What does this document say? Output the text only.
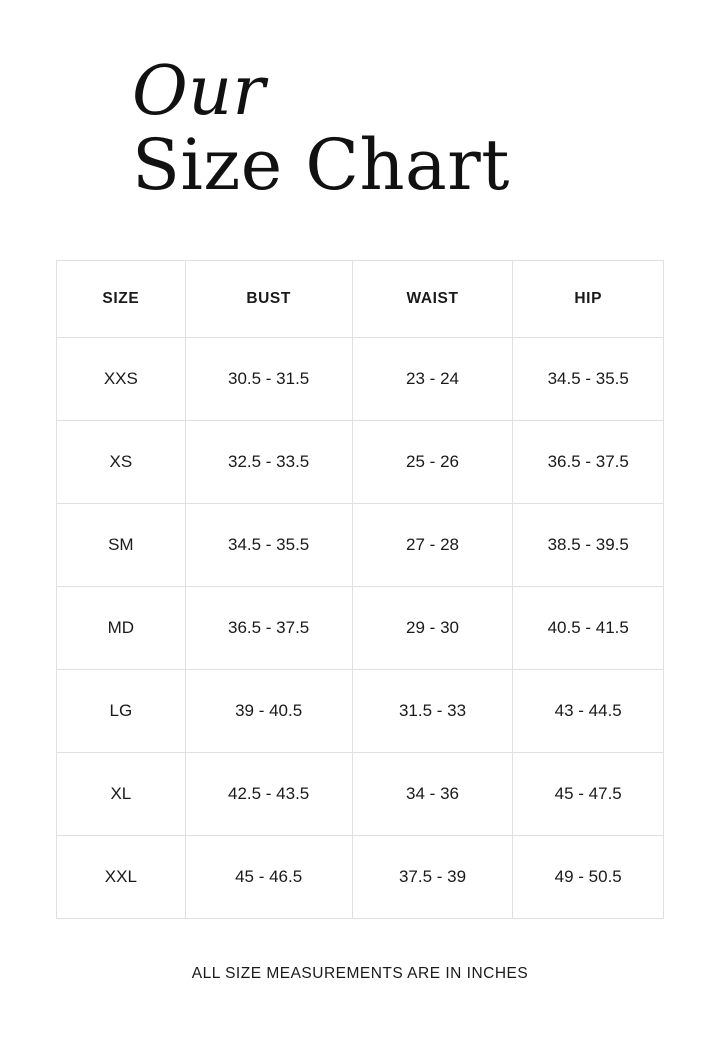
Our
Size Chart
SIZE	BUST	WAIST	HIP
XXS	30.5 - 31.5	23 - 24	34.5 - 35.5
XS	32.5 - 33.5	25 - 26	36.5 - 37.5
SM	34.5 - 35.5	27 - 28	38.5 - 39.5
MD	36.5 - 37.5	29 - 30	40.5 - 41.5
LG	39 - 40.5	31.5 - 33	43 - 44.5
XL	42.5 - 43.5	34 - 36	45 - 47.5
XXL	45 - 46.5	37.5 - 39	49 - 50.5
ALL SIZE MEASUREMENTS ARE IN INCHES
